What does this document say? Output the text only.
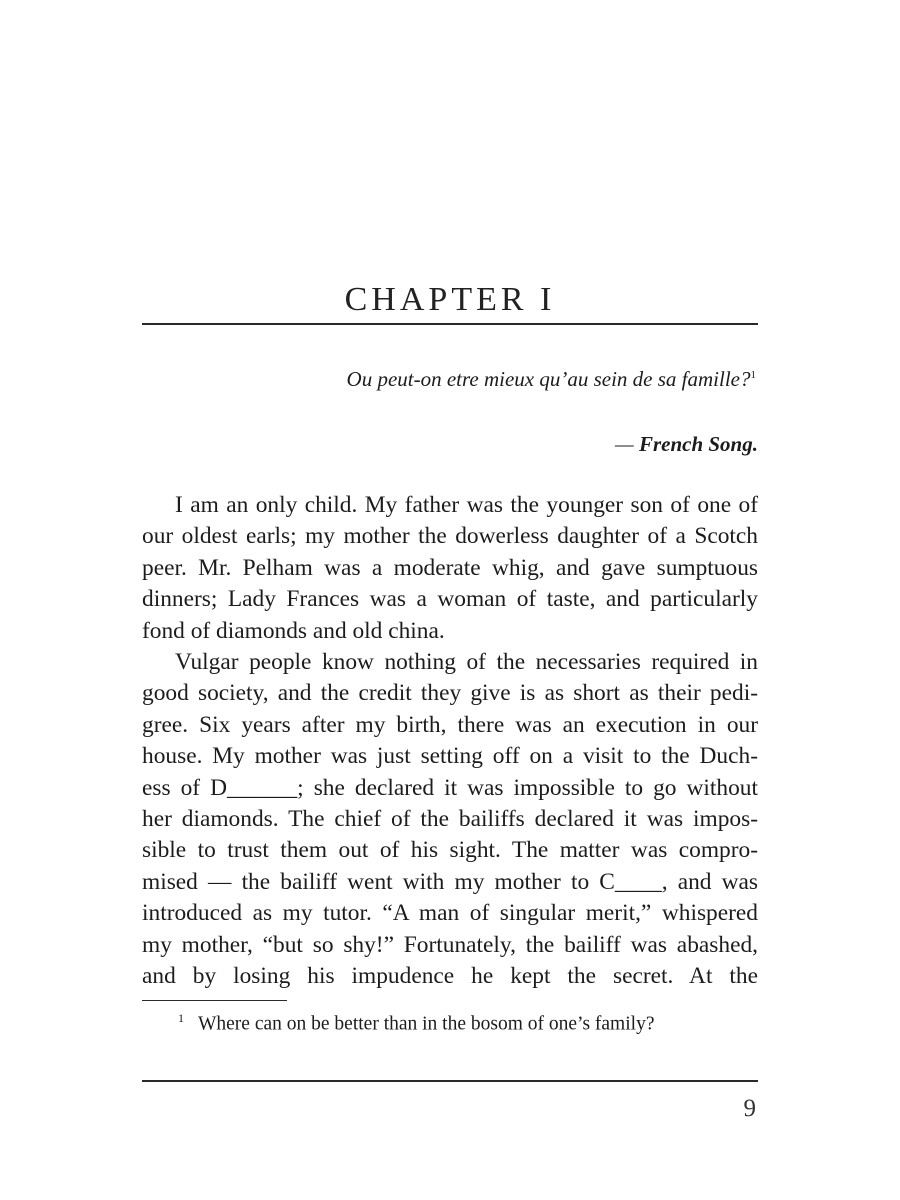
CHAPTER I
Ou peut-on etre mieux qu’au sein de sa famille?$^1$
— French Song.

I am an only child. My father was the younger son of one of
our oldest earls; my mother the dowerless daughter of a Scotch
peer. Mr. Pelham was a moderate whig, and gave sumptuous
dinners; Lady Frances was a woman of taste, and particularly
fond of diamonds and old china.

Vulgar people know nothing of the necessaries required in
good society, and the credit they give is as short as their pedi-
gree. Six years after my birth, there was an execution in our
house. My mother was just setting off on a visit to the Duch-
ess of D______; she declared it was impossible to go without
her diamonds. The chief of the bailiffs declared it was impos-
sible to trust them out of his sight. The matter was compro-
mised — the bailiff went with my mother to C____, and was
introduced as my tutor. “A man of singular merit,” whispered
my mother, “but so shy!” Fortunately, the bailiff was abashed,
and by losing his impudence he kept the secret. At the

$^1$ Where can on be better than in the bosom of one’s family?
9
